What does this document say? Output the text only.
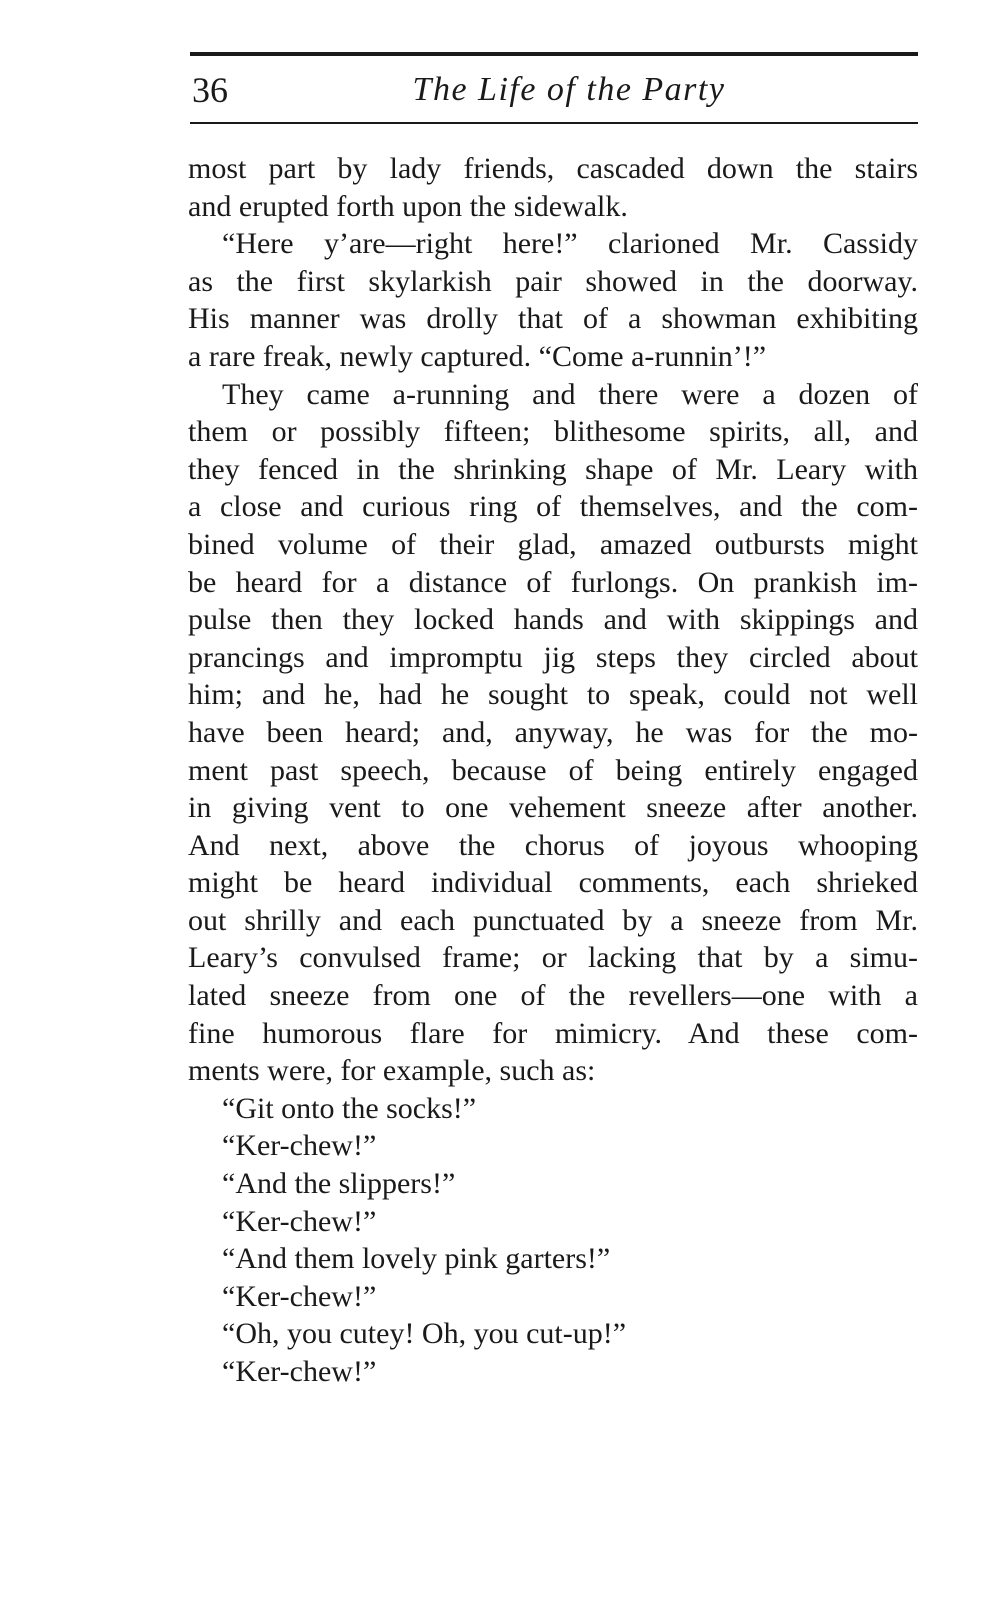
36	The Life of the Party
most part by lady friends, cascaded down the stairs
and erupted forth upon the sidewalk.
“Here y’are—right here!” clarioned Mr. Cassidy
as the first skylarkish pair showed in the doorway.
His manner was drolly that of a showman exhibiting
a rare freak, newly captured. “Come a-runnin’!”
They came a-running and there were a dozen of
them or possibly fifteen; blithesome spirits, all, and
they fenced in the shrinking shape of Mr. Leary with
a close and curious ring of themselves, and the com-
bined volume of their glad, amazed outbursts might
be heard for a distance of furlongs. On prankish im-
pulse then they locked hands and with skippings and
prancings and impromptu jig steps they circled about
him; and he, had he sought to speak, could not well
have been heard; and, anyway, he was for the mo-
ment past speech, because of being entirely engaged
in giving vent to one vehement sneeze after another.
And next, above the chorus of joyous whooping
might be heard individual comments, each shrieked
out shrilly and each punctuated by a sneeze from Mr.
Leary’s convulsed frame; or lacking that by a simu-
lated sneeze from one of the revellers—one with a
fine humorous flare for mimicry. And these com-
ments were, for example, such as:
“Git onto the socks!”
“Ker-chew!”
“And the slippers!”
“Ker-chew!”
“And them lovely pink garters!”
“Ker-chew!”
“Oh, you cutey! Oh, you cut-up!”
“Ker-chew!”
